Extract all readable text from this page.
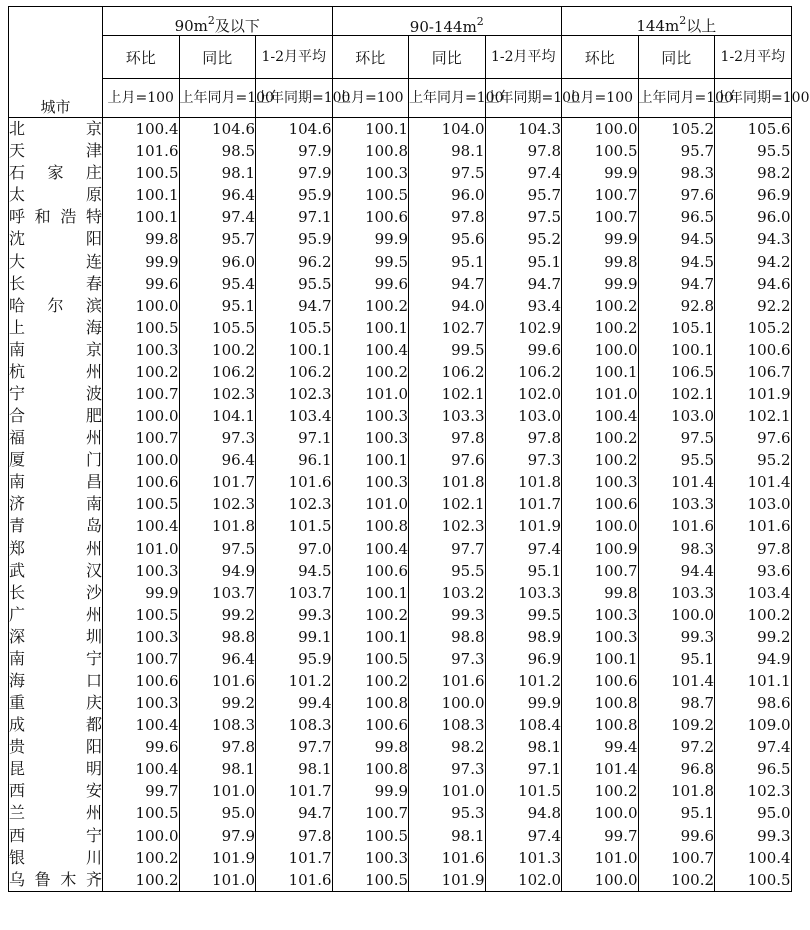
城市	$90m^2$及以下			$90-144m^2$			$144m^2$以上		
	环比	同比	1-2月平均	环比	同比	1-2月平均	环比	同比	1-2月平均
	上月=100	上年同月=100	上年同期=100	上月=100	上年同月=100	上年同期=100	上月=100	上年同月=100	上年同期=100

北京	100.4	104.6	104.6	100.1	104.0	104.3	100.0	105.2	105.6

天津	101.6	98.5	97.9	100.8	98.1	97.8	100.5	95.7	95.5

石家庄	100.5	98.1	97.9	100.3	97.5	97.4	99.9	98.3	98.2

太原	100.1	96.4	95.9	100.5	96.0	95.7	100.7	97.6	96.9

呼和浩特	100.1	97.4	97.1	100.6	97.8	97.5	100.7	96.5	96.0

沈阳	99.8	95.7	95.9	99.9	95.6	95.2	99.9	94.5	94.3

大连	99.9	96.0	96.2	99.5	95.1	95.1	99.8	94.5	94.2

长春	99.6	95.4	95.5	99.6	94.7	94.7	99.9	94.7	94.6

哈尔滨	100.0	95.1	94.7	100.2	94.0	93.4	100.2	92.8	92.2

上海	100.5	105.5	105.5	100.1	102.7	102.9	100.2	105.1	105.2

南京	100.3	100.2	100.1	100.4	99.5	99.6	100.0	100.1	100.6

杭州	100.2	106.2	106.2	100.2	106.2	106.2	100.1	106.5	106.7

宁波	100.7	102.3	102.3	101.0	102.1	102.0	101.0	102.1	101.9

合肥	100.0	104.1	103.4	100.3	103.3	103.0	100.4	103.0	102.1

福州	100.7	97.3	97.1	100.3	97.8	97.8	100.2	97.5	97.6

厦门	100.0	96.4	96.1	100.1	97.6	97.3	100.2	95.5	95.2

南昌	100.6	101.7	101.6	100.3	101.8	101.8	100.3	101.4	101.4

济南	100.5	102.3	102.3	101.0	102.1	101.7	100.6	103.3	103.0

青岛	100.4	101.8	101.5	100.8	102.3	101.9	100.0	101.6	101.6

郑州	101.0	97.5	97.0	100.4	97.7	97.4	100.9	98.3	97.8

武汉	100.3	94.9	94.5	100.6	95.5	95.1	100.7	94.4	93.6

长沙	99.9	103.7	103.7	100.1	103.2	103.3	99.8	103.3	103.4

广州	100.5	99.2	99.3	100.2	99.3	99.5	100.3	100.0	100.2

深圳	100.3	98.8	99.1	100.1	98.8	98.9	100.3	99.3	99.2

南宁	100.7	96.4	95.9	100.5	97.3	96.9	100.1	95.1	94.9

海口	100.6	101.6	101.2	100.2	101.6	101.2	100.6	101.4	101.1

重庆	100.3	99.2	99.4	100.8	100.0	99.9	100.8	98.7	98.6

成都	100.4	108.3	108.3	100.6	108.3	108.4	100.8	109.2	109.0

贵阳	99.6	97.8	97.7	99.8	98.2	98.1	99.4	97.2	97.4

昆明	100.4	98.1	98.1	100.8	97.3	97.1	101.4	96.8	96.5

西安	99.7	101.0	101.7	99.9	101.0	101.5	100.2	101.8	102.3

兰州	100.5	95.0	94.7	100.7	95.3	94.8	100.0	95.1	95.0

西宁	100.0	97.9	97.8	100.5	98.1	97.4	99.7	99.6	99.3

银川	100.2	101.9	101.7	100.3	101.6	101.3	101.0	100.7	100.4

乌鲁木齐	100.2	101.0	101.6	100.5	101.9	102.0	100.0	100.2	100.5
